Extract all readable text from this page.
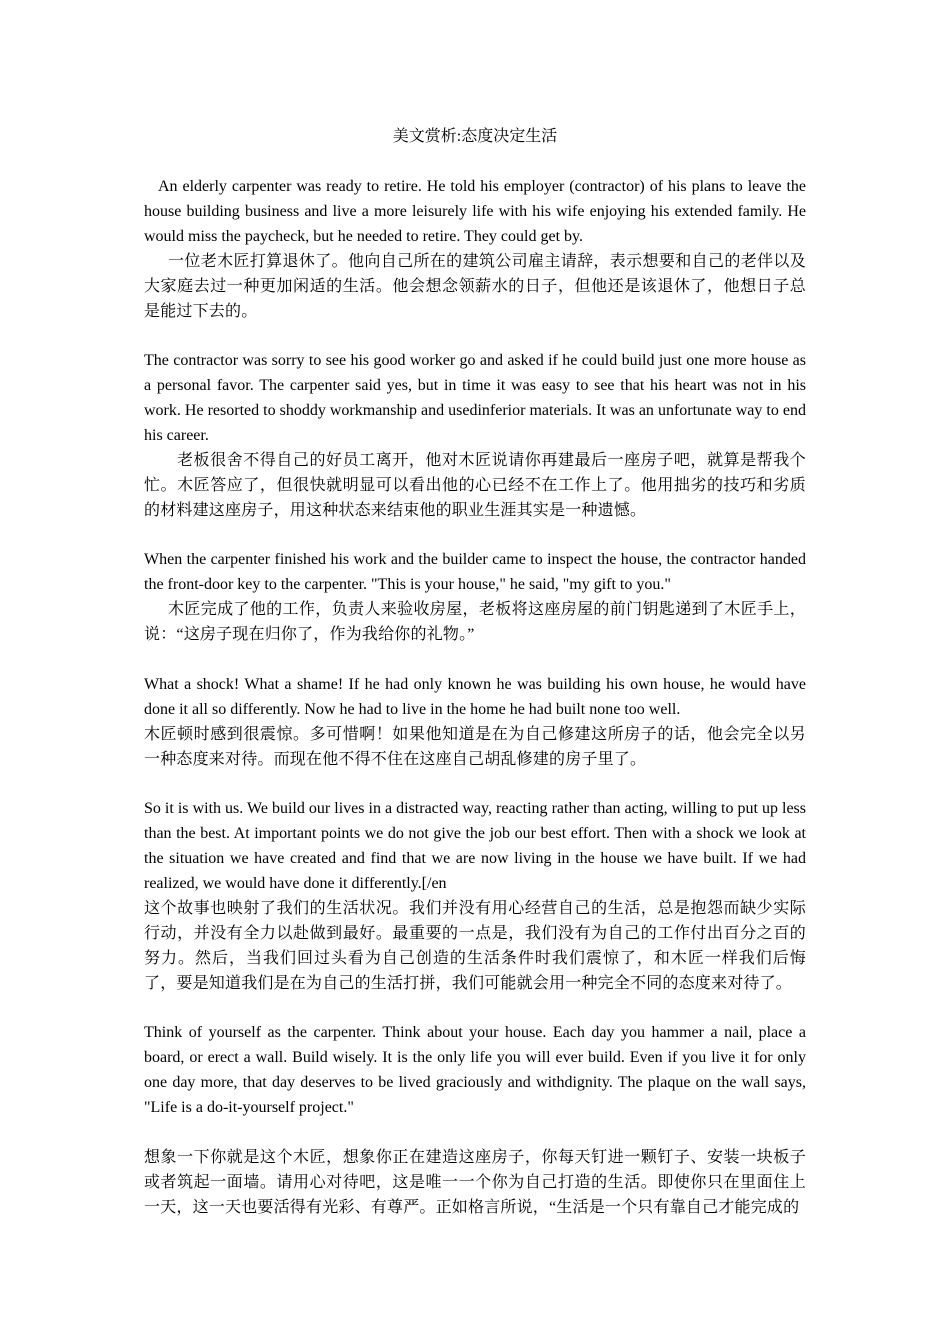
美文赏析:态度决定生活

An elderly carpenter was ready to retire. He told his employer (contractor) of his plans to leave the house building business and live a more leisurely life with his wife enjoying his extended family. He would miss the paycheck, but he needed to retire. They could get by.

一位老木匠打算退休了。他向自己所在的建筑公司雇主请辞，表示想要和自己的老伴以及大家庭去过一种更加闲适的生活。他会想念领薪水的日子，但他还是该退休了，他想日子总是能过下去的。

The contractor was sorry to see his good worker go and asked if he could build just one more house as a personal favor. The carpenter said yes, but in time it was easy to see that his heart was not in his work. He resorted to shoddy workmanship and usedinferior materials. It was an unfortunate way to end his career.

老板很舍不得自己的好员工离开，他对木匠说请你再建最后一座房子吧，就算是帮我个忙。木匠答应了，但很快就明显可以看出他的心已经不在工作上了。他用拙劣的技巧和劣质的材料建这座房子，用这种状态来结束他的职业生涯其实是一种遗憾。

When the carpenter finished his work and the builder came to inspect the house, the contractor handed the front-door key to the carpenter. "This is your house," he said, "my gift to you."

木匠完成了他的工作，负责人来验收房屋，老板将这座房屋的前门钥匙递到了木匠手上，说：“这房子现在归你了，作为我给你的礼物。”

What a shock! What a shame! If he had only known he was building his own house, he would have done it all so differently. Now he had to live in the home he had built none too well.

木匠顿时感到很震惊。多可惜啊！如果他知道是在为自己修建这所房子的话，他会完全以另一种态度来对待。而现在他不得不住在这座自己胡乱修建的房子里了。

So it is with us. We build our lives in a distracted way, reacting rather than acting, willing to put up less than the best. At important points we do not give the job our best effort. Then with a shock we look at the situation we have created and find that we are now living in the house we have built. If we had realized, we would have done it differently.[/en

这个故事也映射了我们的生活状况。我们并没有用心经营自己的生活，总是抱怨而缺少实际行动，并没有全力以赴做到最好。最重要的一点是，我们没有为自己的工作付出百分之百的努力。然后，当我们回过头看为自己创造的生活条件时我们震惊了，和木匠一样我们后悔了，要是知道我们是在为自己的生活打拼，我们可能就会用一种完全不同的态度来对待了。

Think of yourself as the carpenter. Think about your house. Each day you hammer a nail, place a board, or erect a wall. Build wisely. It is the only life you will ever build. Even if you live it for only one day more, that day deserves to be lived graciously and withdignity. The plaque on the wall says, "Life is a do-it-yourself project."

想象一下你就是这个木匠，想象你正在建造这座房子，你每天钉进一颗钉子、安装一块板子或者筑起一面墙。请用心对待吧，这是唯一一个你为自己打造的生活。即使你只在里面住上一天，这一天也要活得有光彩、有尊严。正如格言所说，“生活是一个只有靠自己才能完成的
